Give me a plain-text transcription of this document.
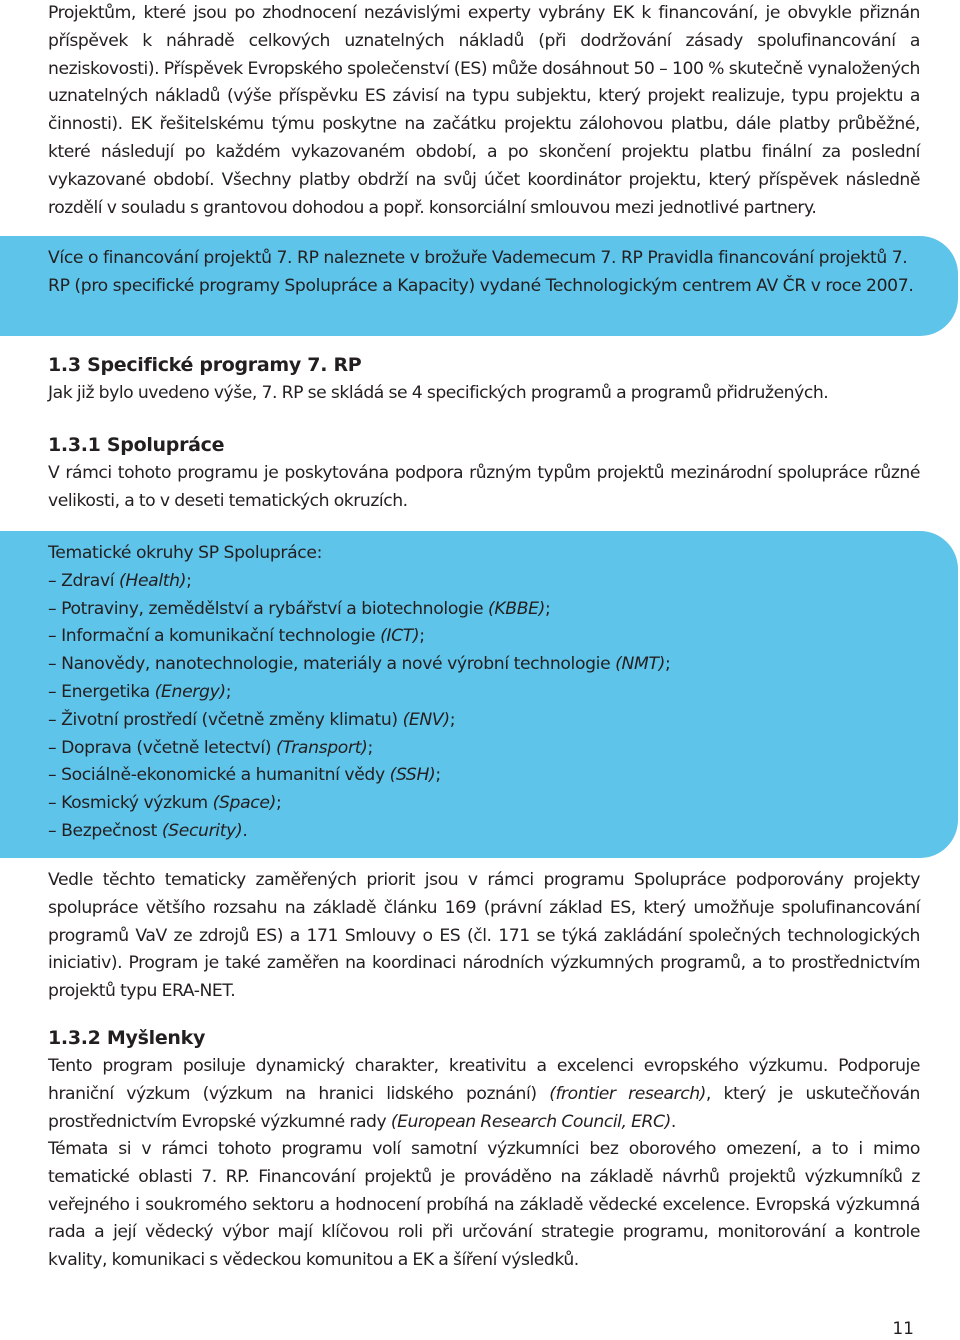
Projektům, které jsou po zhodnocení nezávislými experty vybrány EK k financování, je obvykle přiznán příspěvek k náhradě celkových uznatelných nákladů (při dodržování zásady spolufinancování a neziskovosti). Příspěvek Evropského společenství (ES) může dosáhnout 50 – 100 % skutečně vynaložených uznatelných nákladů (výše příspěvku ES závisí na typu subjektu, který projekt realizuje, typu projektu a činnosti). EK řešitelskému týmu poskytne na začátku projektu zálohovou platbu, dále platby průběžné, které následují po každém vykazovaném období, a po skončení projektu platbu finální za poslední vykazované období. Všechny platby obdrží na svůj účet koordinátor projektu, který příspěvek následně rozdělí v souladu s grantovou dohodou a popř. konsorciální smlouvou mezi jednotlivé partnery.

Více o financování projektů 7. RP naleznete v brožuře Vademecum 7. RP Pravidla financování projektů 7. RP (pro specifické programy Spolupráce a Kapacity) vydané Technologickým centrem AV ČR v roce 2007.

1.3 Specifické programy 7. RP

Jak již bylo uvedeno výše, 7. RP se skládá se 4 specifických programů a programů přidružených.

1.3.1 Spolupráce

V rámci tohoto programu je poskytována podpora různým typům projektů mezinárodní spolupráce různé velikosti, a to v deseti tematických okruzích.

Tematické okruhy SP Spolupráce:
– Zdraví (Health);
– Potraviny, zemědělství a rybářství a biotechnologie (KBBE);
– Informační a komunikační technologie (ICT);
– Nanovědy, nanotechnologie, materiály a nové výrobní technologie (NMT);
– Energetika (Energy);
– Životní prostředí (včetně změny klimatu) (ENV);
– Doprava (včetně letectví) (Transport);
– Sociálně-ekonomické a humanitní vědy (SSH);
– Kosmický výzkum (Space);
– Bezpečnost (Security).

Vedle těchto tematicky zaměřených priorit jsou v rámci programu Spolupráce podporovány projekty spolupráce většího rozsahu na základě článku 169 (právní základ ES, který umožňuje spolufinancování programů VaV ze zdrojů ES) a 171 Smlouvy o ES (čl. 171 se týká zakládání společných technologických iniciativ). Program je také zaměřen na koordinaci národních výzkumných programů, a to prostřednictvím projektů typu ERA-NET.

1.3.2 Myšlenky

Tento program posiluje dynamický charakter, kreativitu a excelenci evropského výzkumu. Podporuje hraniční výzkum (výzkum na hranici lidského poznání) (frontier research), který je uskutečňován prostřednictvím Evropské výzkumné rady (European Research Council, ERC).

Témata si v rámci tohoto programu volí samotní výzkumníci bez oborového omezení, a to i mimo tematické oblasti 7. RP. Financování projektů je prováděno na základě návrhů projektů výzkumníků z veřejného i soukromého sektoru a hodnocení probíhá na základě vědecké excelence. Evropská výzkumná rada a její vědecký výbor mají klíčovou roli při určování strategie programu, monitorování a kontrole kvality, komunikaci s vědeckou komunitou a EK a šíření výsledků.

11
